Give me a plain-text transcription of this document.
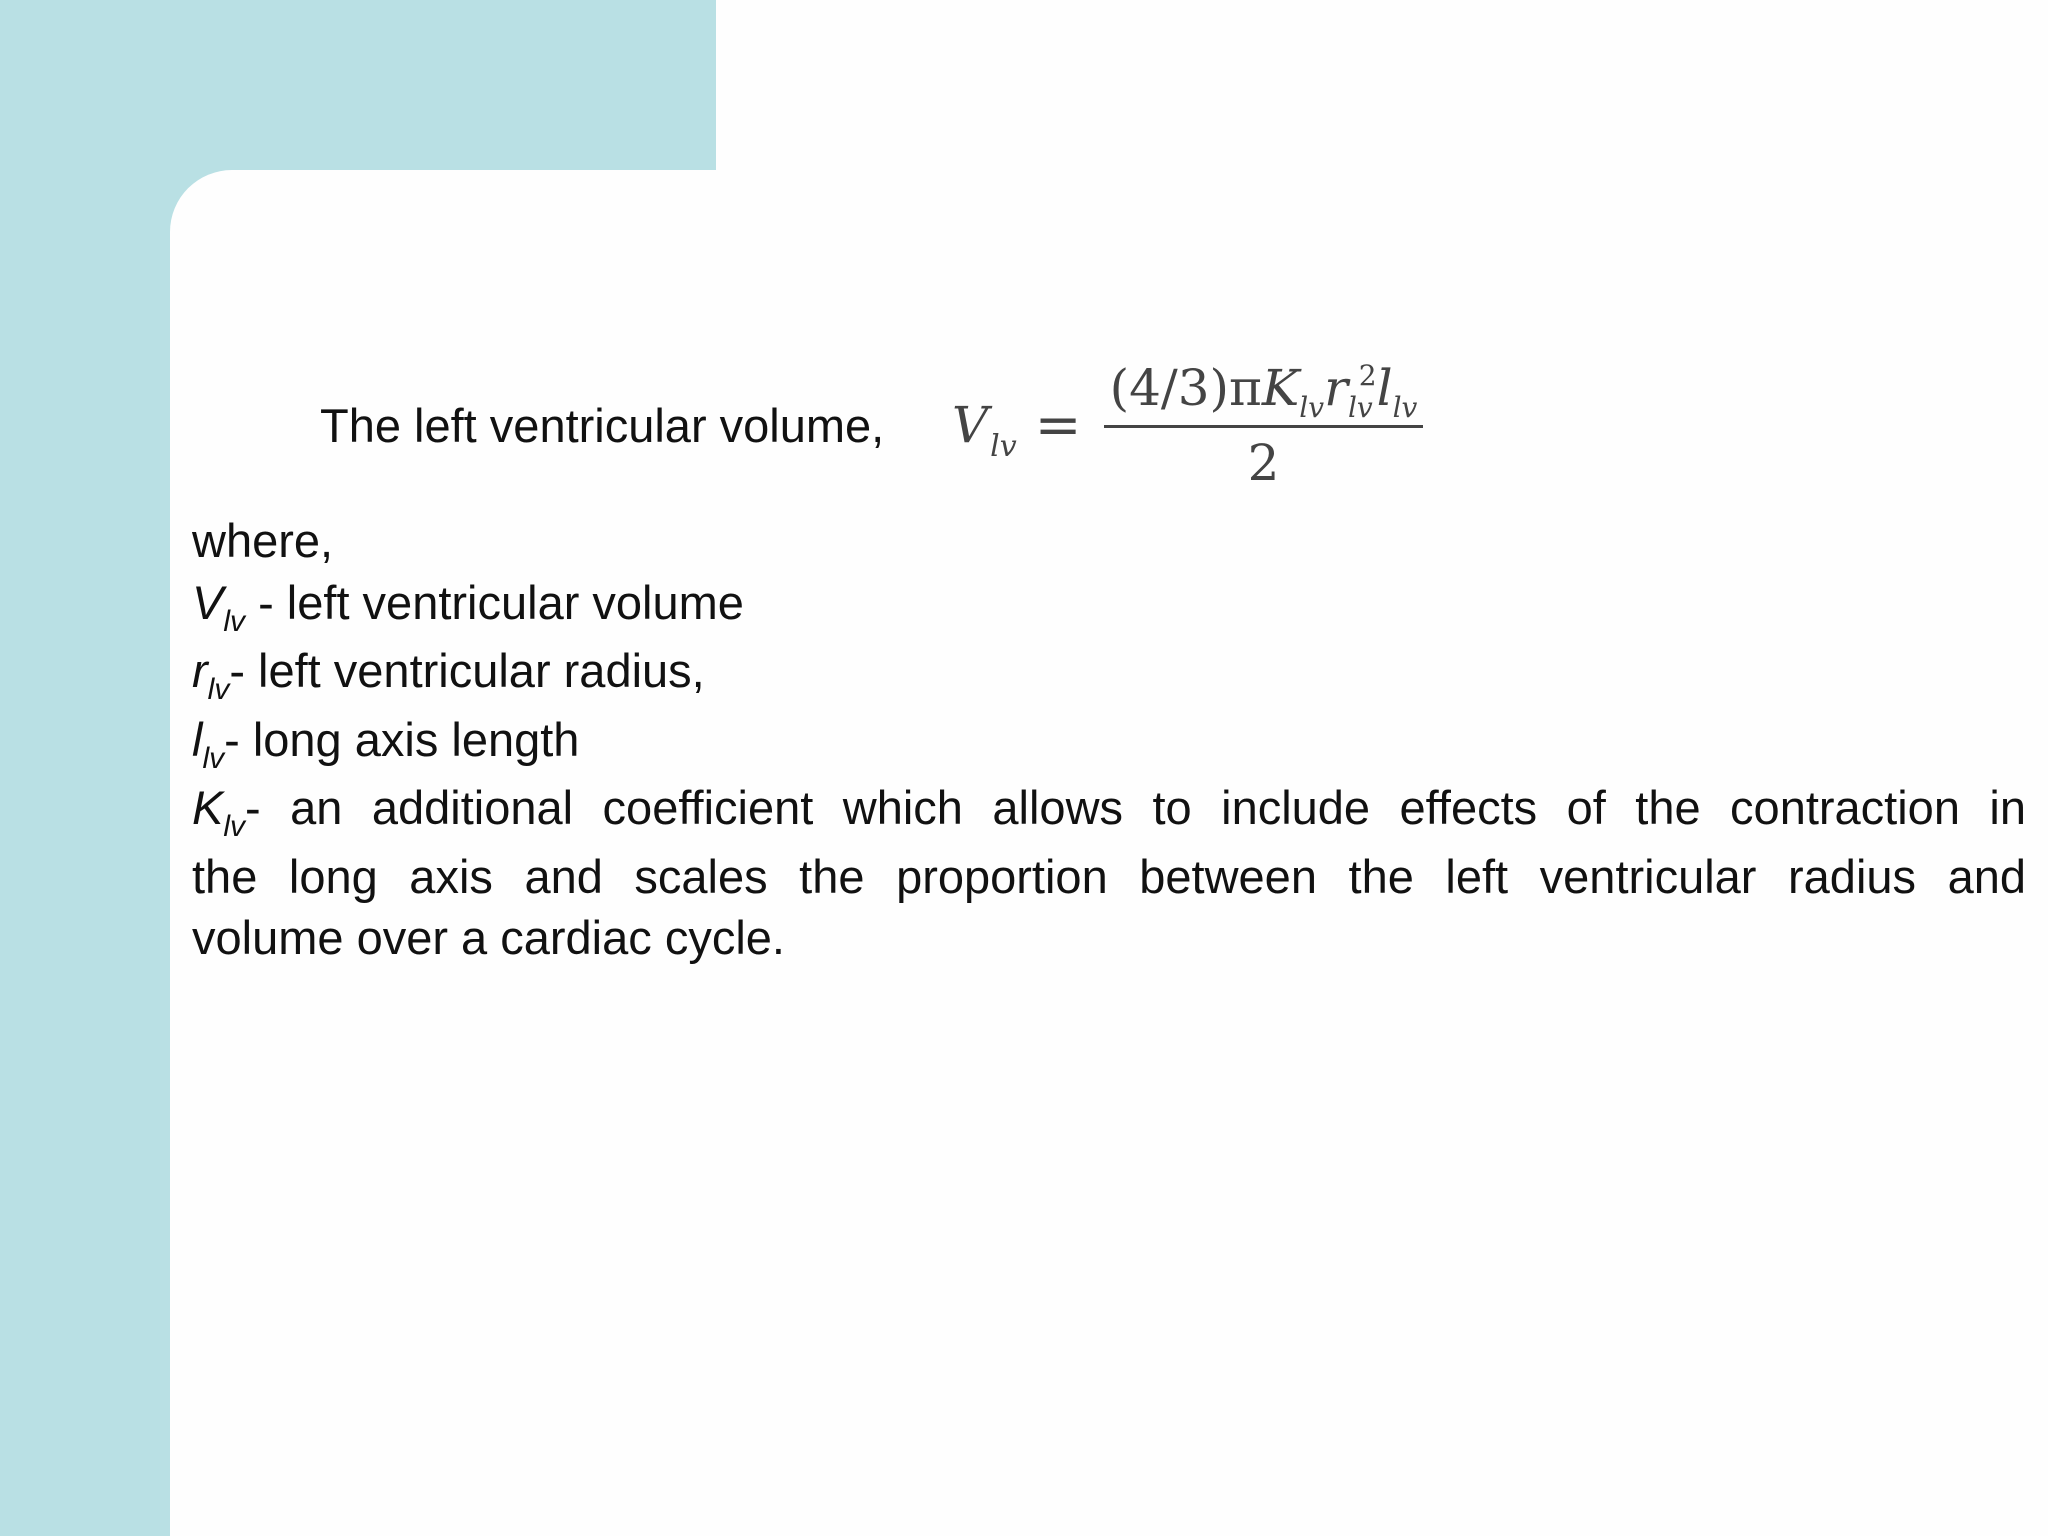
The left ventricular volume, V lv = (4/3)π K lv r lv
2 l lv
2
where,
$V_{lv}$ - left ventricular volume
$r_{lv}-$ left ventricular radius,
$l_{lv}-$ long axis length
$K_{lv}-$ an additional coefficient which allows to include effects of the contraction in
the long axis and scales the proportion between the left ventricular radius and
volume over a cardiac cycle.
